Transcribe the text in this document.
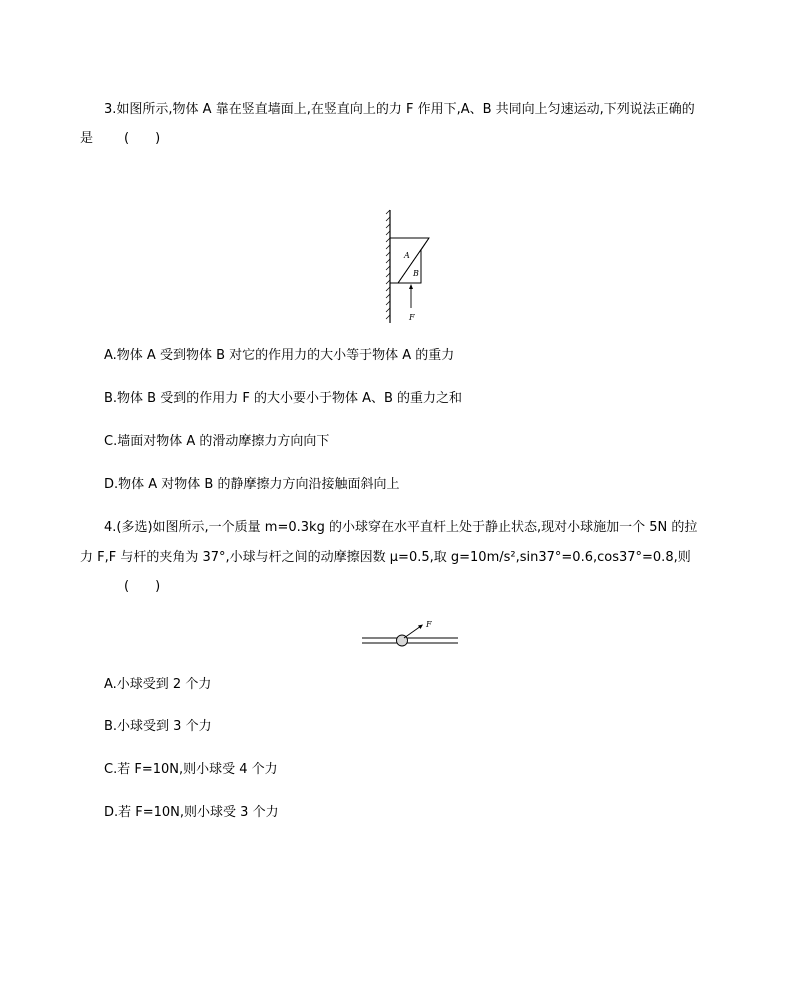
3.如图所示,物体 A 靠在竖直墙面上,在竖直向上的力 F 作用下,A、B 共同向上匀速运动,下列说法正确的
是 (　　)
A
B
F
A.物体 A 受到物体 B 对它的作用力的大小等于物体 A 的重力
B.物体 B 受到的作用力 F 的大小要小于物体 A、B 的重力之和
C.墙面对物体 A 的滑动摩擦力方向向下
D.物体 A 对物体 B 的静摩擦力方向沿接触面斜向上
4.(多选)如图所示,一个质量 m=0.3kg 的小球穿在水平直杆上处于静止状态,现对小球施加一个 5N 的拉
力 F,F 与杆的夹角为 37°,小球与杆之间的动摩擦因数 μ=0.5,取 g=10m/s²,sin37°=0.6,cos37°=0.8,则
(　　)
F
A.小球受到 2 个力
B.小球受到 3 个力
C.若 F=10N,则小球受 4 个力
D.若 F=10N,则小球受 3 个力
